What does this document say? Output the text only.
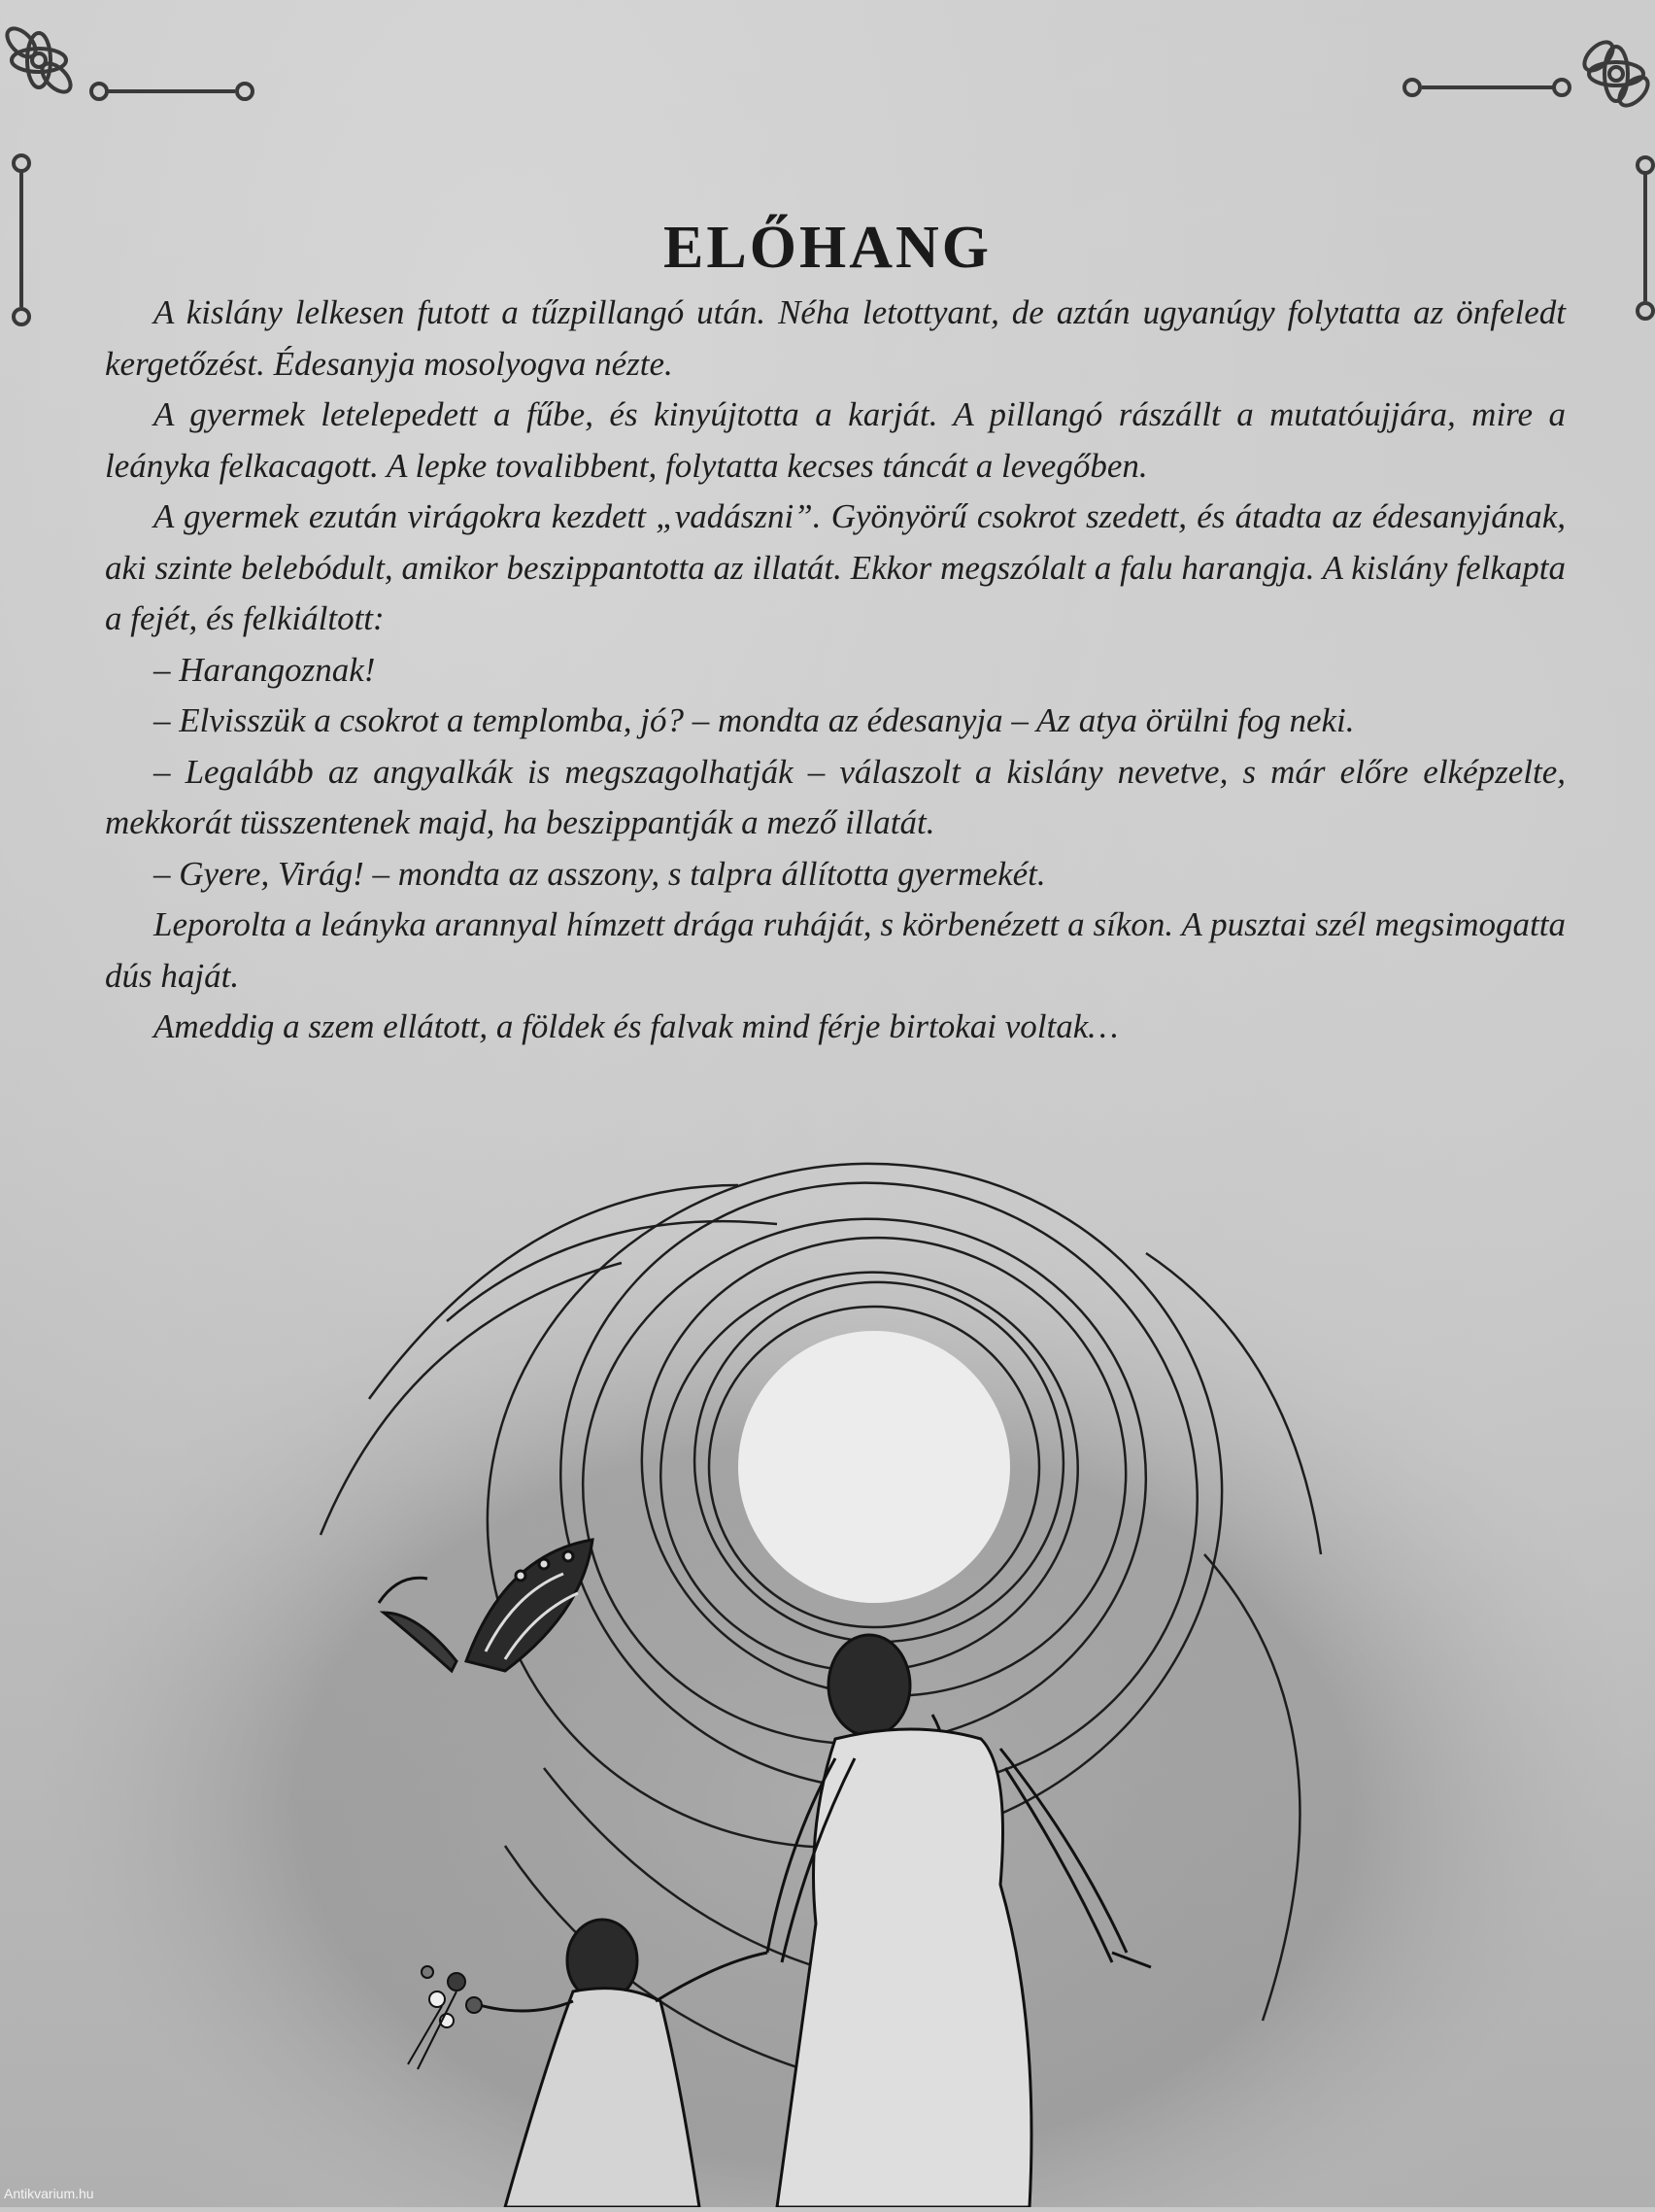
ELŐHANG

A kislány lelkesen futott a tűzpillangó után. Néha letottyant, de aztán ugyanúgy folytatta az önfeledt kergetőzést. Édesanyja mosolyogva nézte.

A gyermek letelepedett a fűbe, és kinyújtotta a karját. A pillangó rászállt a mutatóujjára, mire a leányka felkacagott. A lepke tovalibbent, folytatta kecses táncát a levegőben.

A gyermek ezután virágokra kezdett „vadászni”. Gyönyörű csokrot szedett, és átadta az édesanyjának, aki szinte belebódult, amikor beszippantotta az illatát. Ekkor megszólalt a falu harangja. A kislány felkapta a fejét, és felkiáltott:

– Harangoznak!

– Elvisszük a csokrot a templomba, jó? – mondta az édesanyja – Az atya örülni fog neki.

– Legalább az angyalkák is megszagolhatják – válaszolt a kislány nevetve, s már előre elképzelte, mekkorát tüsszentenek majd, ha beszippantják a mező illatát.

– Gyere, Virág! – mondta az asszony, s talpra állította gyermekét.

Leporolta a leányka arannyal hímzett drága ruháját, s körbenézett a síkon. A pusztai szél megsimogatta dús haját.

Ameddig a szem ellátott, a földek és falvak mind férje birtokai voltak…

Antikvarium.hu
